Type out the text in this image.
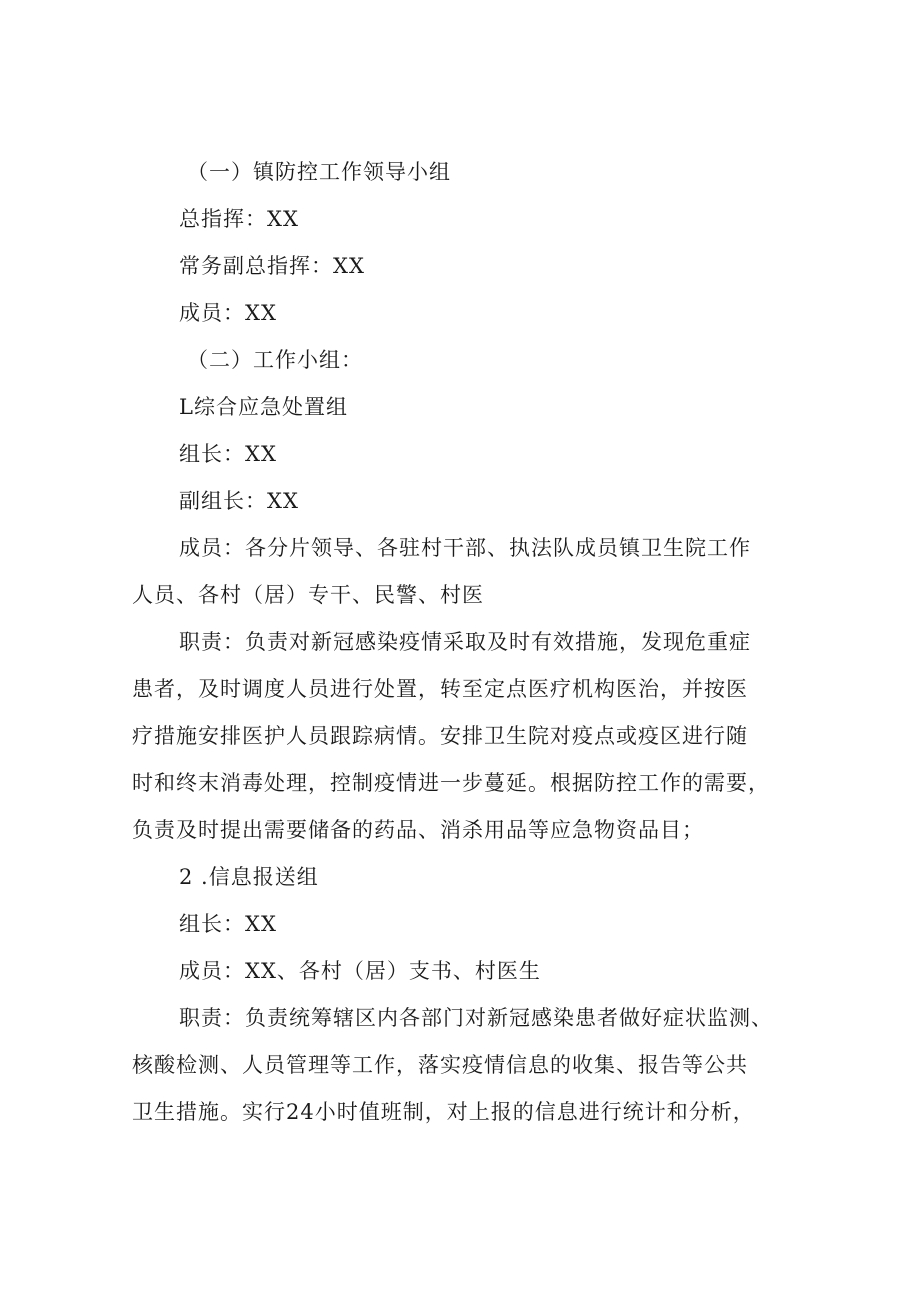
（一）镇防控工作领导小组
总指挥：XX
常务副总指挥：XX
成员：XX
（二）工作小组：
L综合应急处置组
组长：XX
副组长：XX
成员：各分片领导、各驻村干部、执法队成员镇卫生院工作
人员、各村（居）专干、民警、村医
职责：负责对新冠感染疫情采取及时有效措施，发现危重症
患者，及时调度人员进行处置，转至定点医疗机构医治，并按医
疗措施安排医护人员跟踪病情。安排卫生院对疫点或疫区进行随
时和终末消毒处理，控制疫情进一步蔓延。根据防控工作的需要，
负责及时提出需要储备的药品、消杀用品等应急物资品目；
2 .信息报送组
组长：XX
成员：XX、各村（居）支书、村医生
职责：负责统筹辖区内各部门对新冠感染患者做好症状监测、
核酸检测、人员管理等工作，落实疫情信息的收集、报告等公共
卫生措施。实行24小时值班制，对上报的信息进行统计和分析，
